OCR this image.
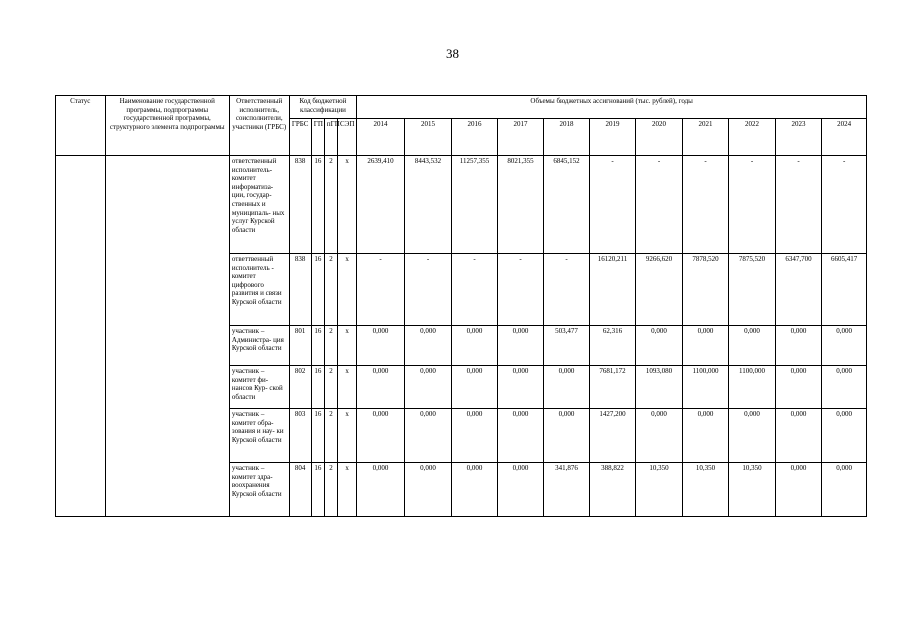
38
Статус	Наименование государственной программы, подпрограммы государственной программы, структурного элемента подпрограммы	Ответственный исполнитель, соисполнители, участники (ГРБС)	Код бюджетной классификации				Объемы бюджетных ассигнований (тыс. рублей), годы										
			ГРБС	ГП	пГП	СЭП	2014	2015	2016	2017	2018	2019	2020	2021	2022	2023	2024
		ответственный исполнитель- комитет информатиза- ции, государ- ственных и муниципаль- ных услуг Курской области	838	16	2	х	2639,410	8443,532	11257,355	8021,355	6845,152	-	-	-	-	-	-
		ответтвенный исполнитель - комитет цифрового развития и связи Курской области	838	16	2	х	-	-	-	-	-	16120,211	9266,620	7878,520	7875,520	6347,700	6605,417
		участник – Администра- ция Курской области	801	16	2	х	0,000	0,000	0,000	0,000	503,477	62,316	0,000	0,000	0,000	0,000	0,000
		участник – комитет фи- нансов Кур- ской области	802	16	2	х	0,000	0,000	0,000	0,000	0,000	7681,172	1093,080	1100,000	1100,000	0,000	0,000
		участник – комитет обра- зования и нау- ки Курской области	803	16	2	х	0,000	0,000	0,000	0,000	0,000	1427,200	0,000	0,000	0,000	0,000	0,000
		участник – комитет здра- воохранения Курской области	804	16	2	х	0,000	0,000	0,000	0,000	341,876	388,822	10,350	10,350	10,350	0,000	0,000
